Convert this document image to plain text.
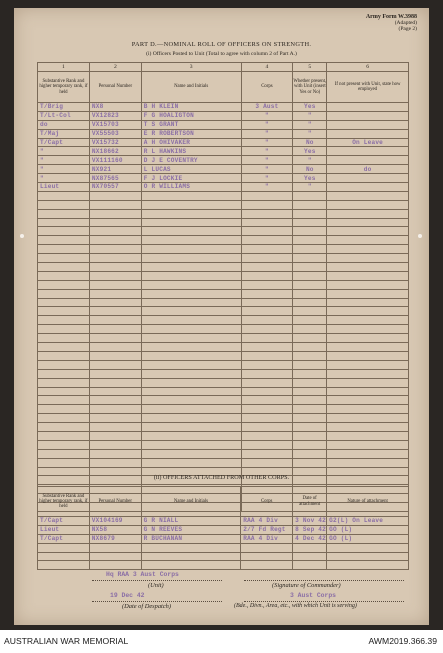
Army Form W.3988
(Adapted)
(Page 2)
PART D.—NOMINAL ROLL OF OFFICERS ON STRENGTH.
(i) Officers Posted to Unit (Total to agree with column 2 of Part A.)
1	2	3	4	5	6
Substantive Rank and higher temporary rank, if held	Personal Number	Name and Initials	Corps	Whether present, with Unit (insert Yes or No)	If not present with Unit, state how employed
T/Brig	NX8	B H KLEIN	3 Aust	Yes	
T/Lt-Col	VX12823	F G HOALIGTON	"	"	
do	VX15703	T S GRANT	"	"	
T/Maj	VX55503	E R ROBERTSON	"	"	
T/Capt	VX15732	A H OHIVAKER	"	No	On Leave
"	NX18662	R L HAWKINS	"	Yes	
"	VX111160	D J E COVENTRY	"	"	
"	NX921	L LUCAS	"	No	do
"	NX87565	F J LOCKIE	"	Yes	
Lieut	NX70557	O R WILLIAMS	"	"	

(ii) OFFICERS ATTACHED FROM OTHER CORPS.
Substantive Rank and higher temporary rank, if held	Personal Number	Name and Initials	Corps	Date of attachment	Nature of attachment
T/Capt	VX104169	G R NIALL	RAA 4 Div	3 Nov 42	G2(L) On Leave
Lieut	NX58	G N REEVES	2/7 Fd Regt	8 Sep 42	GO (L)
T/Capt	NX8679	R BUCHANAN	RAA 4 Div	4 Dec 42	GO (L)

Hq RAA 3 Aust Corps
(Unit)	(Signature of Commander)
19 Dec 42
(Date of Despatch)
3 Aust Corps
(Bde., Divn., Area, etc., with which Unit is serving)
AUSTRALIAN WAR MEMORIAL	AWM2019.366.39
